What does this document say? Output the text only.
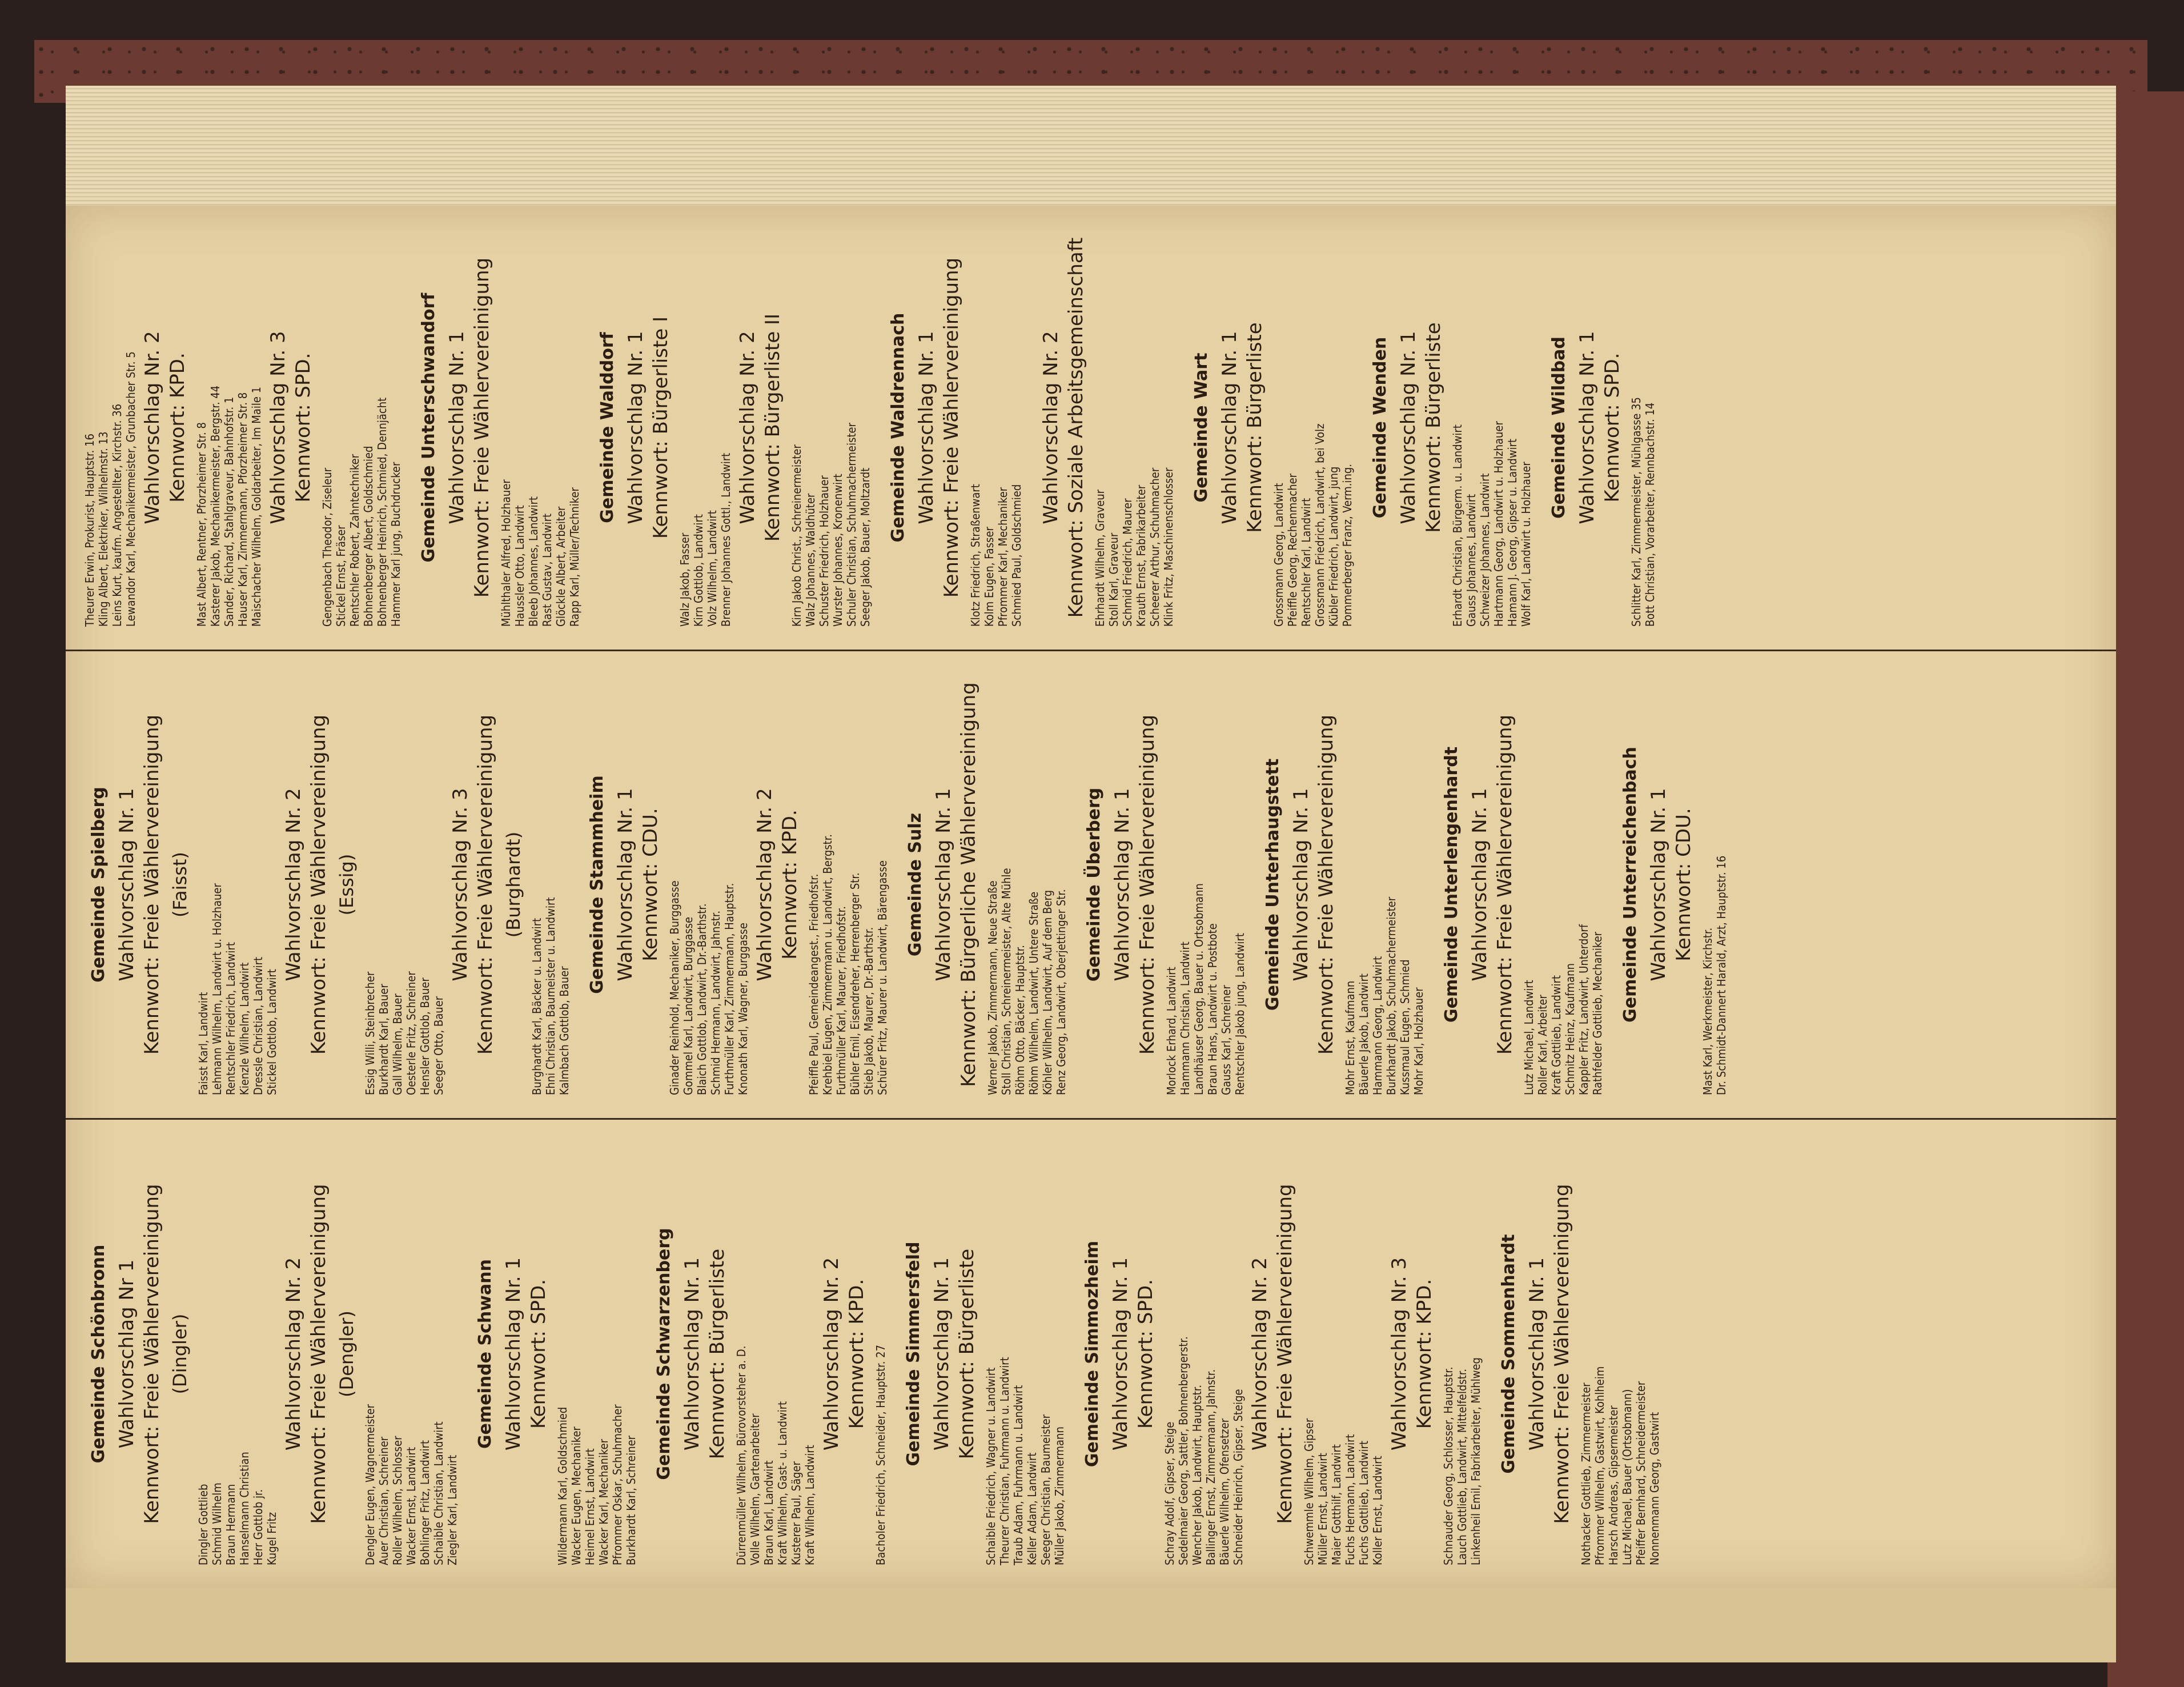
Gemeinde Schönbronn Wahlvorschlag Nr 1 Kennwort: Freie Wählervereinigung (Dingler)
Dingler Gottlieb Schmid Wilhelm Braun Hermann Hanselmann Christian Herr Gottlob jr. Kugel Fritz
Wahlvorschlag Nr. 2 Kennwort: Freie Wählervereinigung (Dengler)
Dengler Eugen, Wagnermeister Auer Christian, Schreiner Roller Wilhelm, Schlosser Wacker Ernst, Landwirt Bohlinger Fritz, Landwirt Schaible Christian, Landwirt Ziegler Karl, Landwirt
Gemeinde Schwann Wahlvorschlag Nr. 1 Kennwort: SPD.
Wildermann Karl, Goldschmied Wacker Eugen, Mechaniker Heimel Ernst, Landwirt Wacker Karl, Mechaniker Pfrommer Oskar, Schuhmacher Burkhardt Karl, Schreiner
Gemeinde Schwarzenberg Wahlvorschlag Nr. 1 Kennwort: Bürgerliste Dürrenmüller Wilhelm, Bürovorsteher a. D. Volle Wilhelm, Gartenarbeiter Braun Karl, Landwirt Kraft Wilhelm, Gast- u. Landwirt Kusterer Paul, Säger Kraft Wilhelm, Landwirt
Wahlvorschlag Nr. 2 Kennwort: KPD. Bacholer Friedrich, Schneider, Hauptstr. 27 Gemeinde Simmersfeld Wahlvorschlag Nr. 1 Kennwort: Bürgerliste
Schaible Friedrich, Wagner u. Landwirt Theurer Christian, Fuhrmann u. Landwirt Traub Adam, Fuhrmann u. Landwirt Keller Adam, Landwirt Seeger Christian, Baumeister Müller Jakob, Zimmermann
Gemeinde Simmozheim Wahlvorschlag Nr. 1 Kennwort: SPD.
Schray Adolf, Gipser, Steige Sedelmaier Georg, Sattler, Bohnenbergerstr. Wencher Jakob, Landwirt, Hauptstr. Ballinger Ernst, Zimmermann, Jahnstr. Bäuerle Wilhelm, Ofensetzer Schneider Heinrich, Gipser, Steige
Wahlvorschlag Nr. 2 Kennwort: Freie Wählervereinigung Schwemmle Wilhelm, Gipser Müller Ernst, Landwirt Maier Gotthilf, Landwirt Fuchs Hermann, Landwirt Fuchs Gottlieb, Landwirt Koller Ernst, Landwirt
Wahlvorschlag Nr. 3 Kennwort: KPD.
Schnauder Georg, Schlosser, Hauptstr. Lauch Gottlieb, Landwirt, Mittelfeldstr. Linkenheil Emil, Fabrikarbeiter, Mühlweg Gemeinde Sommenhardt Wahlvorschlag Nr. 1 Kennwort: Freie Wählervereinigung Nothacker Gottlieb, Zimmermeister Pfrommer Wilhelm, Gastwirt, Kohlheim Harsch Andreas, Gipsermeister Lutz Michael, Bauer (Ortsobmann) Pfeiffer Bernhard, Schneidermeister Nonnenmann Georg, Gastwirt
Gemeinde Spielberg Wahlvorschlag Nr. 1 Kennwort: Freie Wählervereinigung (Faisst)
Faisst Karl, Landwirt Lehmann Wilhelm, Landwirt u. Holzhauer Rentschler Friedrich, Landwirt Kienzle Wilhelm, Landwirt Dressle Christian, Landwirt Stickel Gottlob, Landwirt
Wahlvorschlag Nr. 2 Kennwort: Freie Wählervereinigung (Essig)
Essig Willi, Steinbrecher Burkhardt Karl, Bauer Gall Wilhelm, Bauer Oesterle Fritz, Schreiner Hensler Gottlob, Bauer Seeger Otto, Bauer
Wahlvorschlag Nr. 3 Kennwort: Freie Wählervereinigung (Burghardt)
Burghardt Karl, Bäcker u. Landwirt Ehni Christian, Baumeister u. Landwirt Kalmbach Gottlob, Bauer
Gemeinde Stammheim Wahlvorschlag Nr. 1 Kennwort: CDU. Ginader Reinhold, Mechaniker, Burggasse Gommel Karl, Landwirt, Burggasse Blaich Gottlob, Landwirt, Dr.-Barthstr. Schmid Hermann, Landwirt, Jahnstr. Furthmüller Karl, Zimmermann, Hauptstr. Knonath Karl, Wagner, Burggasse
Wahlvorschlag Nr. 2 Kennwort: KPD. Pfeiffle Paul, Gemeindeangest., Friedhofstr. Krehbiel Eugen, Zimmermann u. Landwirt, Bergstr. Furthmüller Karl, Maurer, Friedhofstr. Bühler Emil, Eisendreher, Herrenberger Str. Stieb Jakob, Maurer, Dr.-Barthstr. Schürer Fritz, Maurer u. Landwirt, Bärengasse Gemeinde Sulz Wahlvorschlag Nr. 1 Kennwort: Bürgerliche Wählervereinigung Werner Jakob, Zimmermann, Neue Straße Stoll Christian, Schreinermeister, Alte Mühle Röhm Otto, Bäcker, Hauptstr. Röhm Wilhelm, Landwirt, Untere Straße Köhler Wilhelm, Landwirt, Auf dem Berg Renz Georg, Landwirt, Oberjettinger Str.
Gemeinde Überberg Wahlvorschlag Nr. 1 Kennwort: Freie Wählervereinigung Morlock Erhard, Landwirt Hammann Christian, Landwirt Landhäuser Georg, Bauer u. Ortsobmann Braun Hans, Landwirt u. Postbote Gauss Karl, Schreiner Rentschler Jakob jung, Landwirt
Gemeinde Unterhaugstett Wahlvorschlag Nr. 1 Kennwort: Freie Wählervereinigung Mohr Ernst, Kaufmann Bäuerle Jakob, Landwirt Hammann Georg, Landwirt Burkhardt Jakob, Schuhmachermeister Kussmaul Eugen, Schmied Mohr Karl, Holzhauer
Gemeinde Unterlengenhardt Wahlvorschlag Nr. 1 Kennwort: Freie Wählervereinigung Lutz Michael, Landwirt Roller Karl, Arbeiter Kraft Gottlieb, Landwirt Schmitz Heinz, Kaufmann Kappler Fritz, Landwirt, Unterdorf Rathfelder Gottlieb, Mechaniker Gemeinde Unterreichenbach Wahlvorschlag Nr. 1 Kennwort: CDU.
Mast Karl, Werkmeister, Kirchstr. Dr. Schmidt-Dannert Harald, Arzt, Hauptstr. 16
Theurer Erwin, Prokurist, Hauptstr. 16 Kling Albert, Elektriker, Wilhelmstr. 13 Leins Kurt, kaufm. Angestellter, Kirchstr. 36 Lewandor Karl, Mechanikermeister, Grunbacher Str. 5 Wahlvorschlag Nr. 2 Kennwort: KPD. Mast Albert, Rentner, Pforzheimer Str. 8 Kasterer Jakob, Mechanikermeister, Bergstr. 44 Sander, Richard, Stahlgraveur, Bahnhofstr. 1 Hauser Karl, Zimmermann, Pforzheimer Str. 8 Maischacher Wilhelm, Goldarbeiter, Im Maile 1 Wahlvorschlag Nr. 3 Kennwort: SPD.
Gengenbach Theodor, Ziseleur Stickel Ernst, Fräser Rentschler Robert, Zahntechniker Bohnenberger Albert, Goldschmied Bohnenberger Heinrich, Schmied, Dennjächt Hammer Karl jung, Buchdrucker Gemeinde Unterschwandorf Wahlvorschlag Nr. 1 Kennwort: Freie Wählervereinigung Mühlthaler Alfred, Holzhauer Haussler Otto, Landwirt Bleeb Johannes, Landwirt Rast Gustav, Landwirt Glöckle Albert, Arbeiter Rapp Karl, Müller/Techniker
Gemeinde Walddorf Wahlvorschlag Nr. 1 Kennwort: Bürgerliste I
Walz Jakob, Fasser Kirn Gottlob, Landwirt Volz Wilhelm, Landwirt Brenner Johannes Gottl., Landwirt
Wahlvorschlag Nr. 2 Kennwort: Bürgerliste II Kirn Jakob Christ., Schreinermeister Walz Johannes, Waldhüter Schuster Friedrich, Holzhauer Wurster Johannes, Kronenwirt Schuler Christian, Schuhmachermeister Seeger Jakob, Bauer, Moltzardt
Gemeinde Waldrennach Wahlvorschlag Nr. 1 Kennwort: Freie Wählervereinigung Klotz Friedrich, Straßenwart Kolm Eugen, Fasser Pfrommer Karl, Mechaniker Schmied Paul, Goldschmied
Wahlvorschlag Nr. 2 Kennwort: Soziale Arbeitsgemeinschaft Ehrhardt Wilhelm, Graveur Stoll Karl, Graveur Schmid Friedrich, Maurer Krauth Ernst, Fabrikarbeiter Scheerer Arthur, Schuhmacher Klink Fritz, Maschinenschlosser
Gemeinde Wart Wahlvorschlag Nr. 1 Kennwort: Bürgerliste
Grossmann Georg, Landwirt Pfeiffle Georg, Rechenmacher Rentschler Karl, Landwirt Grossmann Friedrich, Landwirt, bei Volz Kübler Friedrich, Landwirt, jung Pommerberger Franz, Verm.ing.
Gemeinde Wenden Wahlvorschlag Nr. 1 Kennwort: Bürgerliste Erhardt Christian, Bürgerm. u. Landwirt Gauss Johannes, Landwirt Schweizer Johannes, Landwirt Hartmann Georg, Landwirt u. Holzhauer Hamann J. Georg, Gipser u. Landwirt Wolf Karl, Landwirt u. Holzhauer
Gemeinde Wildbad Wahlvorschlag Nr. 1 Kennwort: SPD. Schlitter Karl, Zimmermeister, Mühlgasse 35 Bott Christian, Vorarbeiter, Rennbachstr. 14
